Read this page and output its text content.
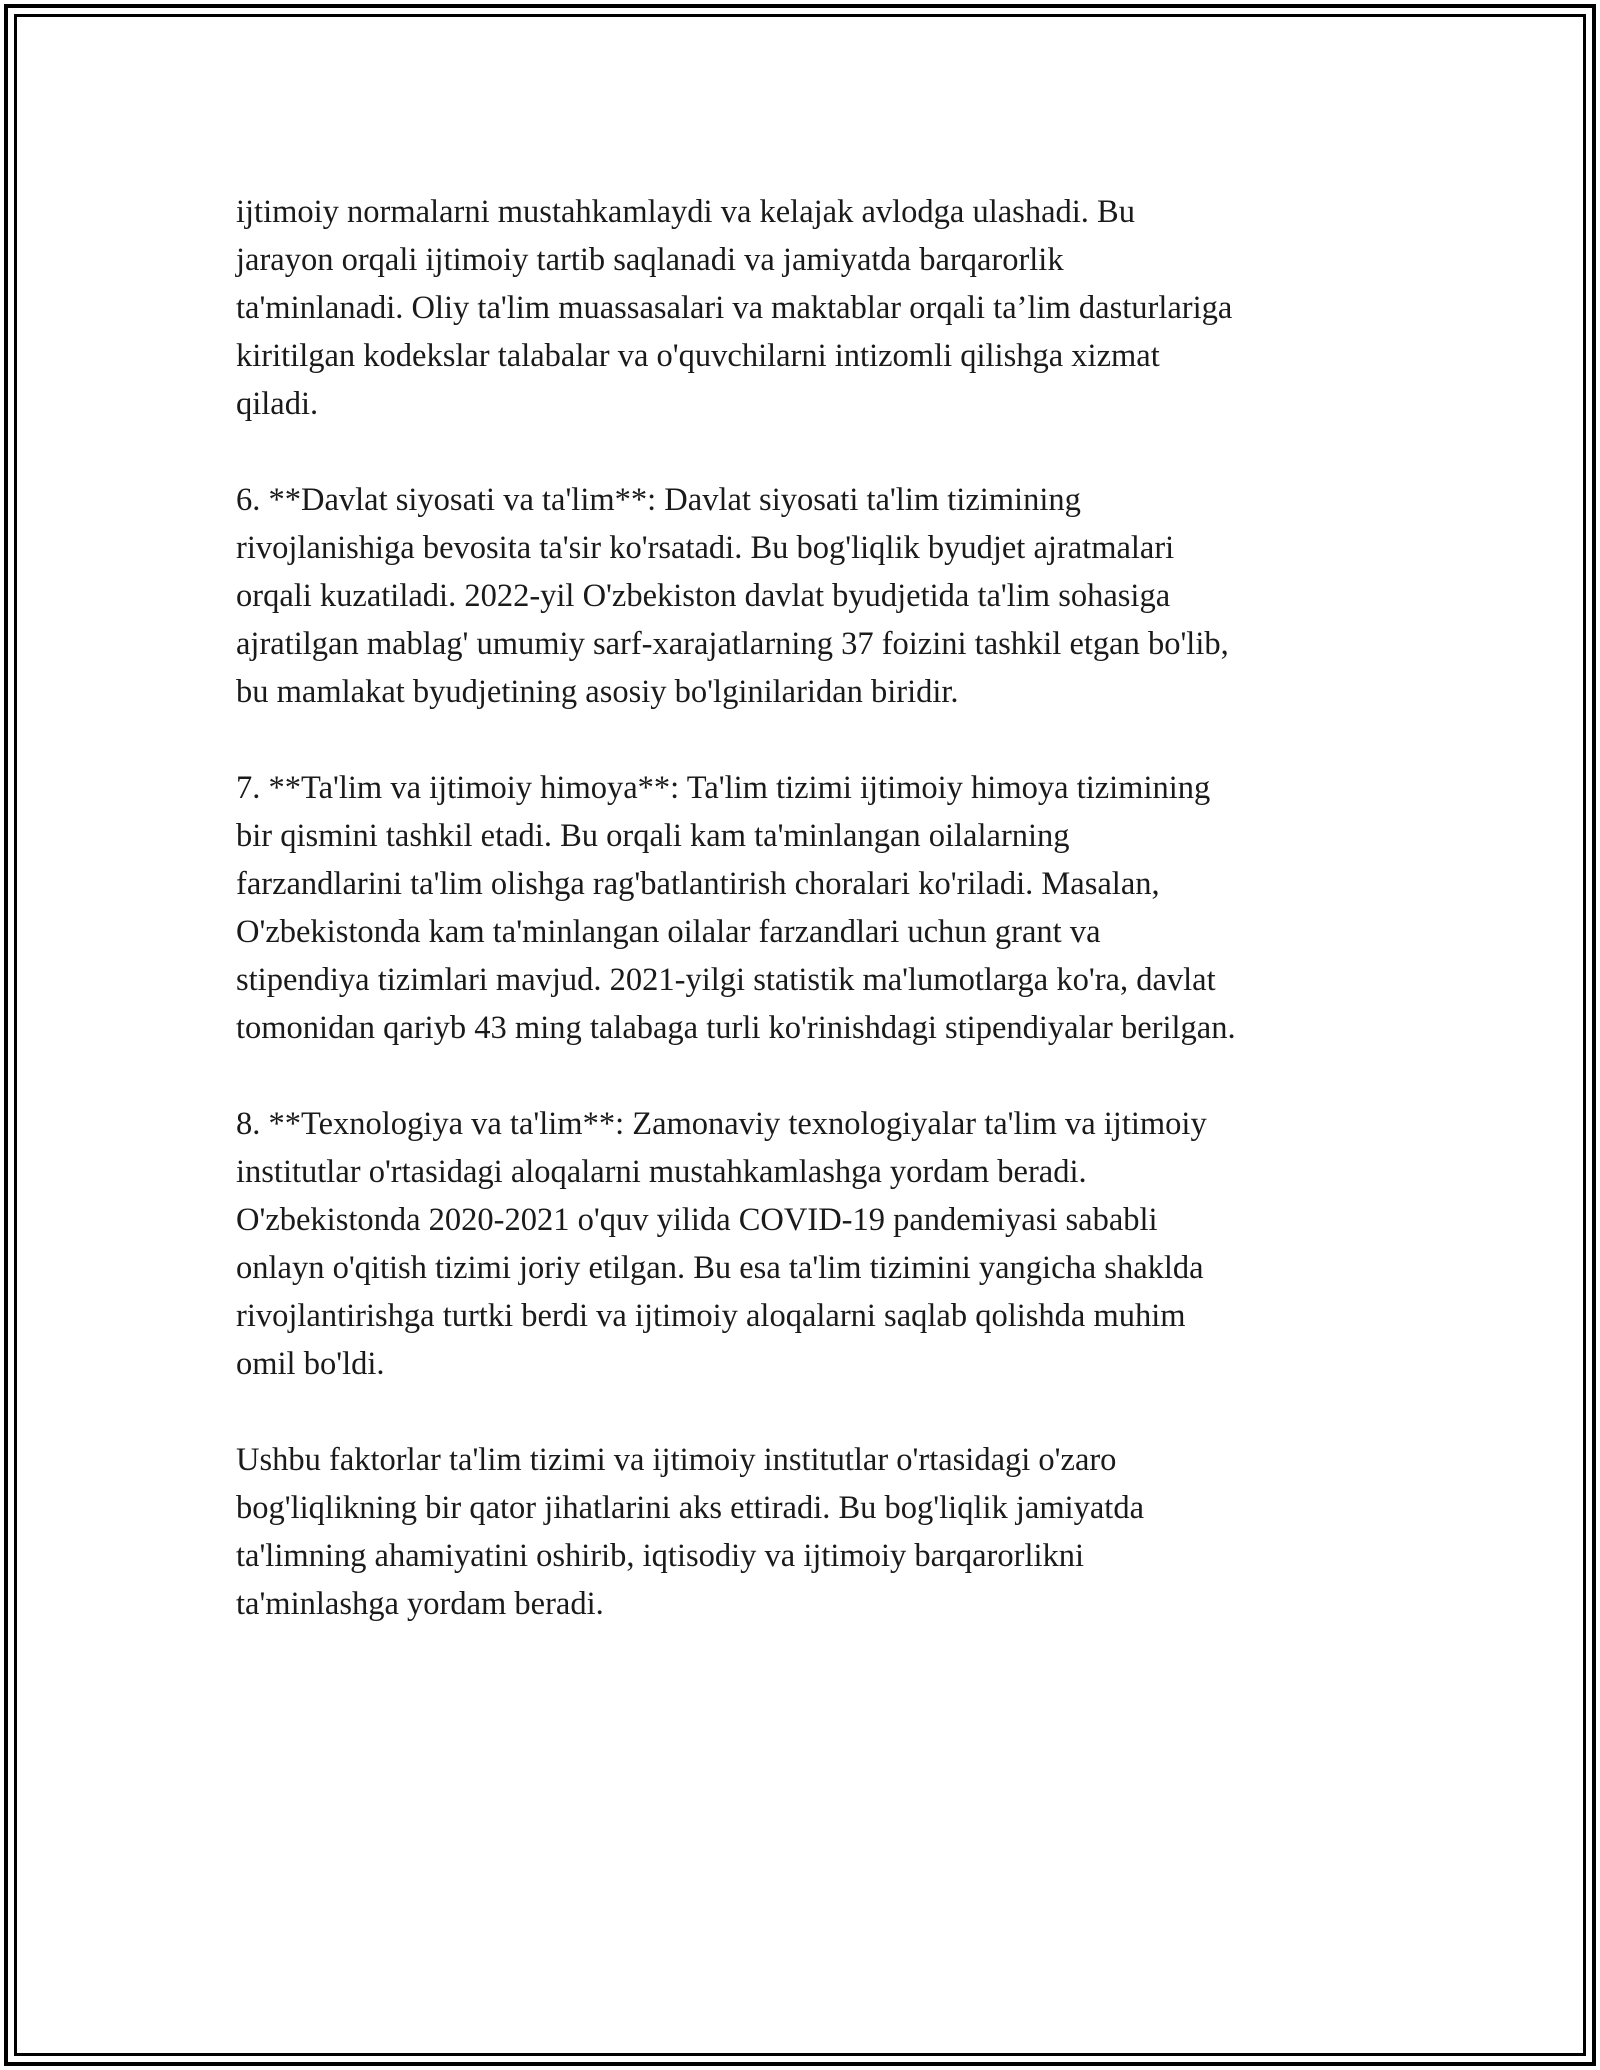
ijtimoiy normalarni mustahkamlaydi va kelajak avlodga ulashadi. Bu
jarayon orqali ijtimoiy tartib saqlanadi va jamiyatda barqarorlik
ta'minlanadi. Oliy ta'lim muassasalari va maktablar orqali ta’lim dasturlariga
kiritilgan kodekslar talabalar va o'quvchilarni intizomli qilishga xizmat
qiladi.

6. **Davlat siyosati va ta'lim**: Davlat siyosati ta'lim tizimining
rivojlanishiga bevosita ta'sir ko'rsatadi. Bu bog'liqlik byudjet ajratmalari
orqali kuzatiladi. 2022-yil O'zbekiston davlat byudjetida ta'lim sohasiga
ajratilgan mablag' umumiy sarf-xarajatlarning 37 foizini tashkil etgan bo'lib,
bu mamlakat byudjetining asosiy bo'lginilaridan biridir.

7. **Ta'lim va ijtimoiy himoya**: Ta'lim tizimi ijtimoiy himoya tizimining
bir qismini tashkil etadi. Bu orqali kam ta'minlangan oilalarning
farzandlarini ta'lim olishga rag'batlantirish choralari ko'riladi. Masalan,
O'zbekistonda kam ta'minlangan oilalar farzandlari uchun grant va
stipendiya tizimlari mavjud. 2021-yilgi statistik ma'lumotlarga ko'ra, davlat
tomonidan qariyb 43 ming talabaga turli ko'rinishdagi stipendiyalar berilgan.

8. **Texnologiya va ta'lim**: Zamonaviy texnologiyalar ta'lim va ijtimoiy
institutlar o'rtasidagi aloqalarni mustahkamlashga yordam beradi.
O'zbekistonda 2020-2021 o'quv yilida COVID-19 pandemiyasi sababli
onlayn o'qitish tizimi joriy etilgan. Bu esa ta'lim tizimini yangicha shaklda
rivojlantirishga turtki berdi va ijtimoiy aloqalarni saqlab qolishda muhim
omil bo'ldi.

Ushbu faktorlar ta'lim tizimi va ijtimoiy institutlar o'rtasidagi o'zaro
bog'liqlikning bir qator jihatlarini aks ettiradi. Bu bog'liqlik jamiyatda
ta'limning ahamiyatini oshirib, iqtisodiy va ijtimoiy barqarorlikni
ta'minlashga yordam beradi.
